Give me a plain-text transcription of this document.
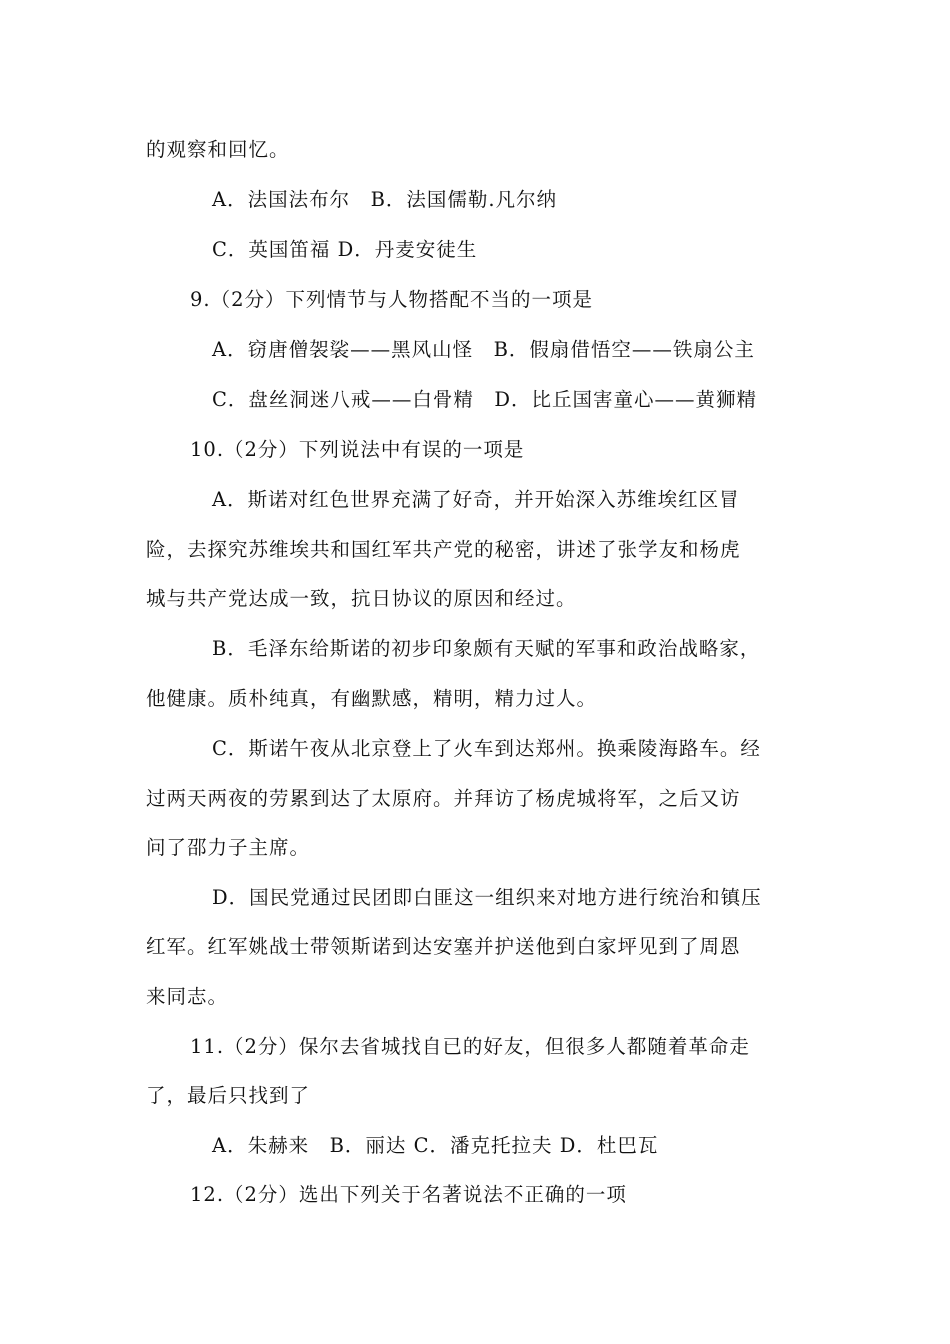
的观察和回忆。
A．法国法布尔　B．法国儒勒.凡尔纳
C．英国笛福 D．丹麦安徒生
9.（2分）下列情节与人物搭配不当的一项是
A．窃唐僧袈裟——黑风山怪　B．假扇借悟空——铁扇公主
C．盘丝洞迷八戒——白骨精　D．比丘国害童心——黄狮精
10.（2分）下列说法中有误的一项是
A．斯诺对红色世界充满了好奇，并开始深入苏维埃红区冒
险，去探究苏维埃共和国红军共产党的秘密，讲述了张学友和杨虎
城与共产党达成一致，抗日协议的原因和经过。
B．毛泽东给斯诺的初步印象颇有天赋的军事和政治战略家，
他健康。质朴纯真，有幽默感，精明，精力过人。
C．斯诺午夜从北京登上了火车到达郑州。换乘陵海路车。经
过两天两夜的劳累到达了太原府。并拜访了杨虎城将军，之后又访
问了邵力子主席。
D．国民党通过民团即白匪这一组织来对地方进行统治和镇压
红军。红军姚战士带领斯诺到达安塞并护送他到白家坪见到了周恩
来同志。
11.（2分）保尔去省城找自已的好友，但很多人都随着革命走
了，最后只找到了
A．朱赫来　B．丽达 C．潘克托拉夫 D．杜巴瓦
12.（2分）选出下列关于名著说法不正确的一项
